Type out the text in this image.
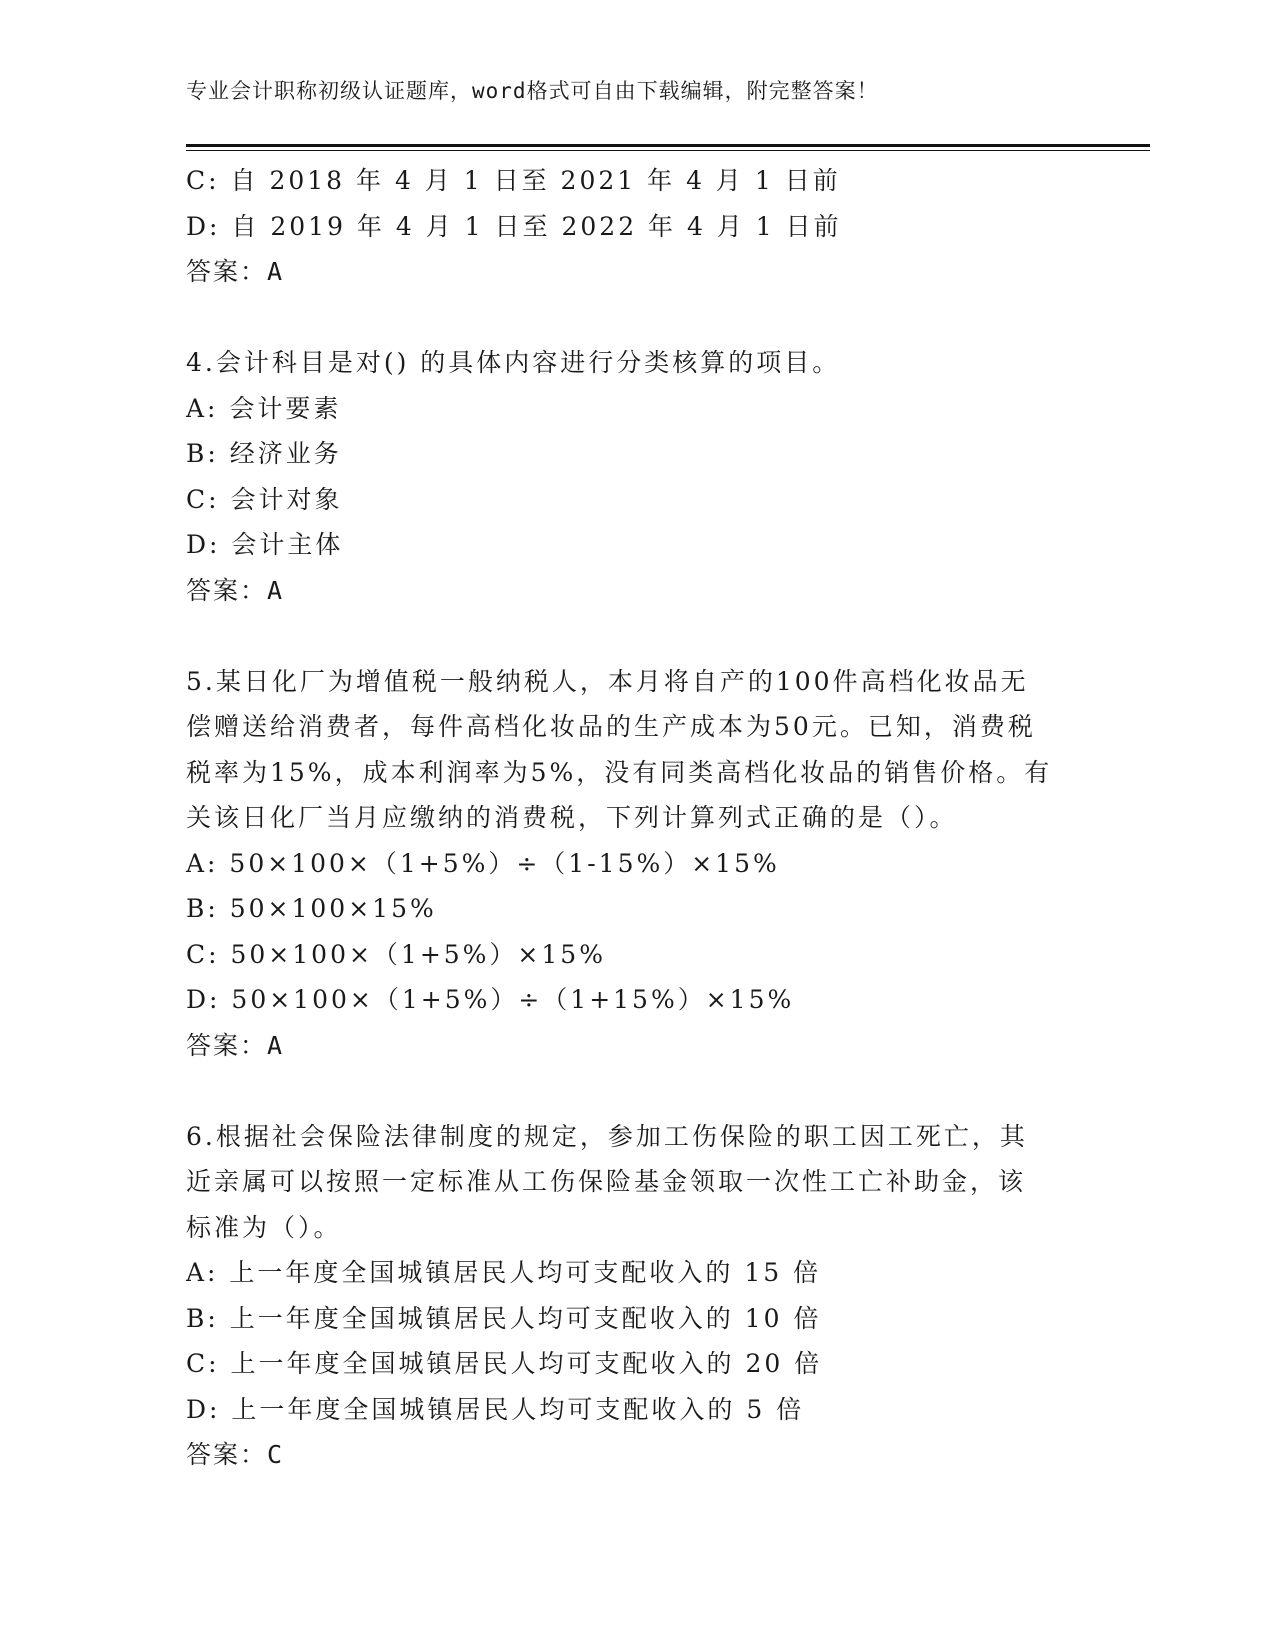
专业会计职称初级认证题库，word格式可自由下载编辑，附完整答案！
C: 自 2018 年 4 月 1 日至 2021 年 4 月 1 日前
D: 自 2019 年 4 月 1 日至 2022 年 4 月 1 日前
答案：A
4.会计科目是对() 的具体内容进行分类核算的项目。
A: 会计要素
B: 经济业务
C: 会计对象
D: 会计主体
答案：A
5.某日化厂为增值税一般纳税人，本月将自产的100件高档化妆品无
偿赠送给消费者，每件高档化妆品的生产成本为50元。已知，消费税
税率为15%，成本利润率为5%，没有同类高档化妆品的销售价格。有
关该日化厂当月应缴纳的消费税，下列计算列式正确的是（）。
A: 50×100×（1+5%）÷（1-15%）×15%
B: 50×100×15%
C: 50×100×（1+5%）×15%
D: 50×100×（1+5%）÷（1+15%）×15%
答案：A
6.根据社会保险法律制度的规定，参加工伤保险的职工因工死亡，其
近亲属可以按照一定标准从工伤保险基金领取一次性工亡补助金，该
标准为（）。
A: 上一年度全国城镇居民人均可支配收入的 15 倍
B: 上一年度全国城镇居民人均可支配收入的 10 倍
C: 上一年度全国城镇居民人均可支配收入的 20 倍
D: 上一年度全国城镇居民人均可支配收入的 5 倍
答案：C
